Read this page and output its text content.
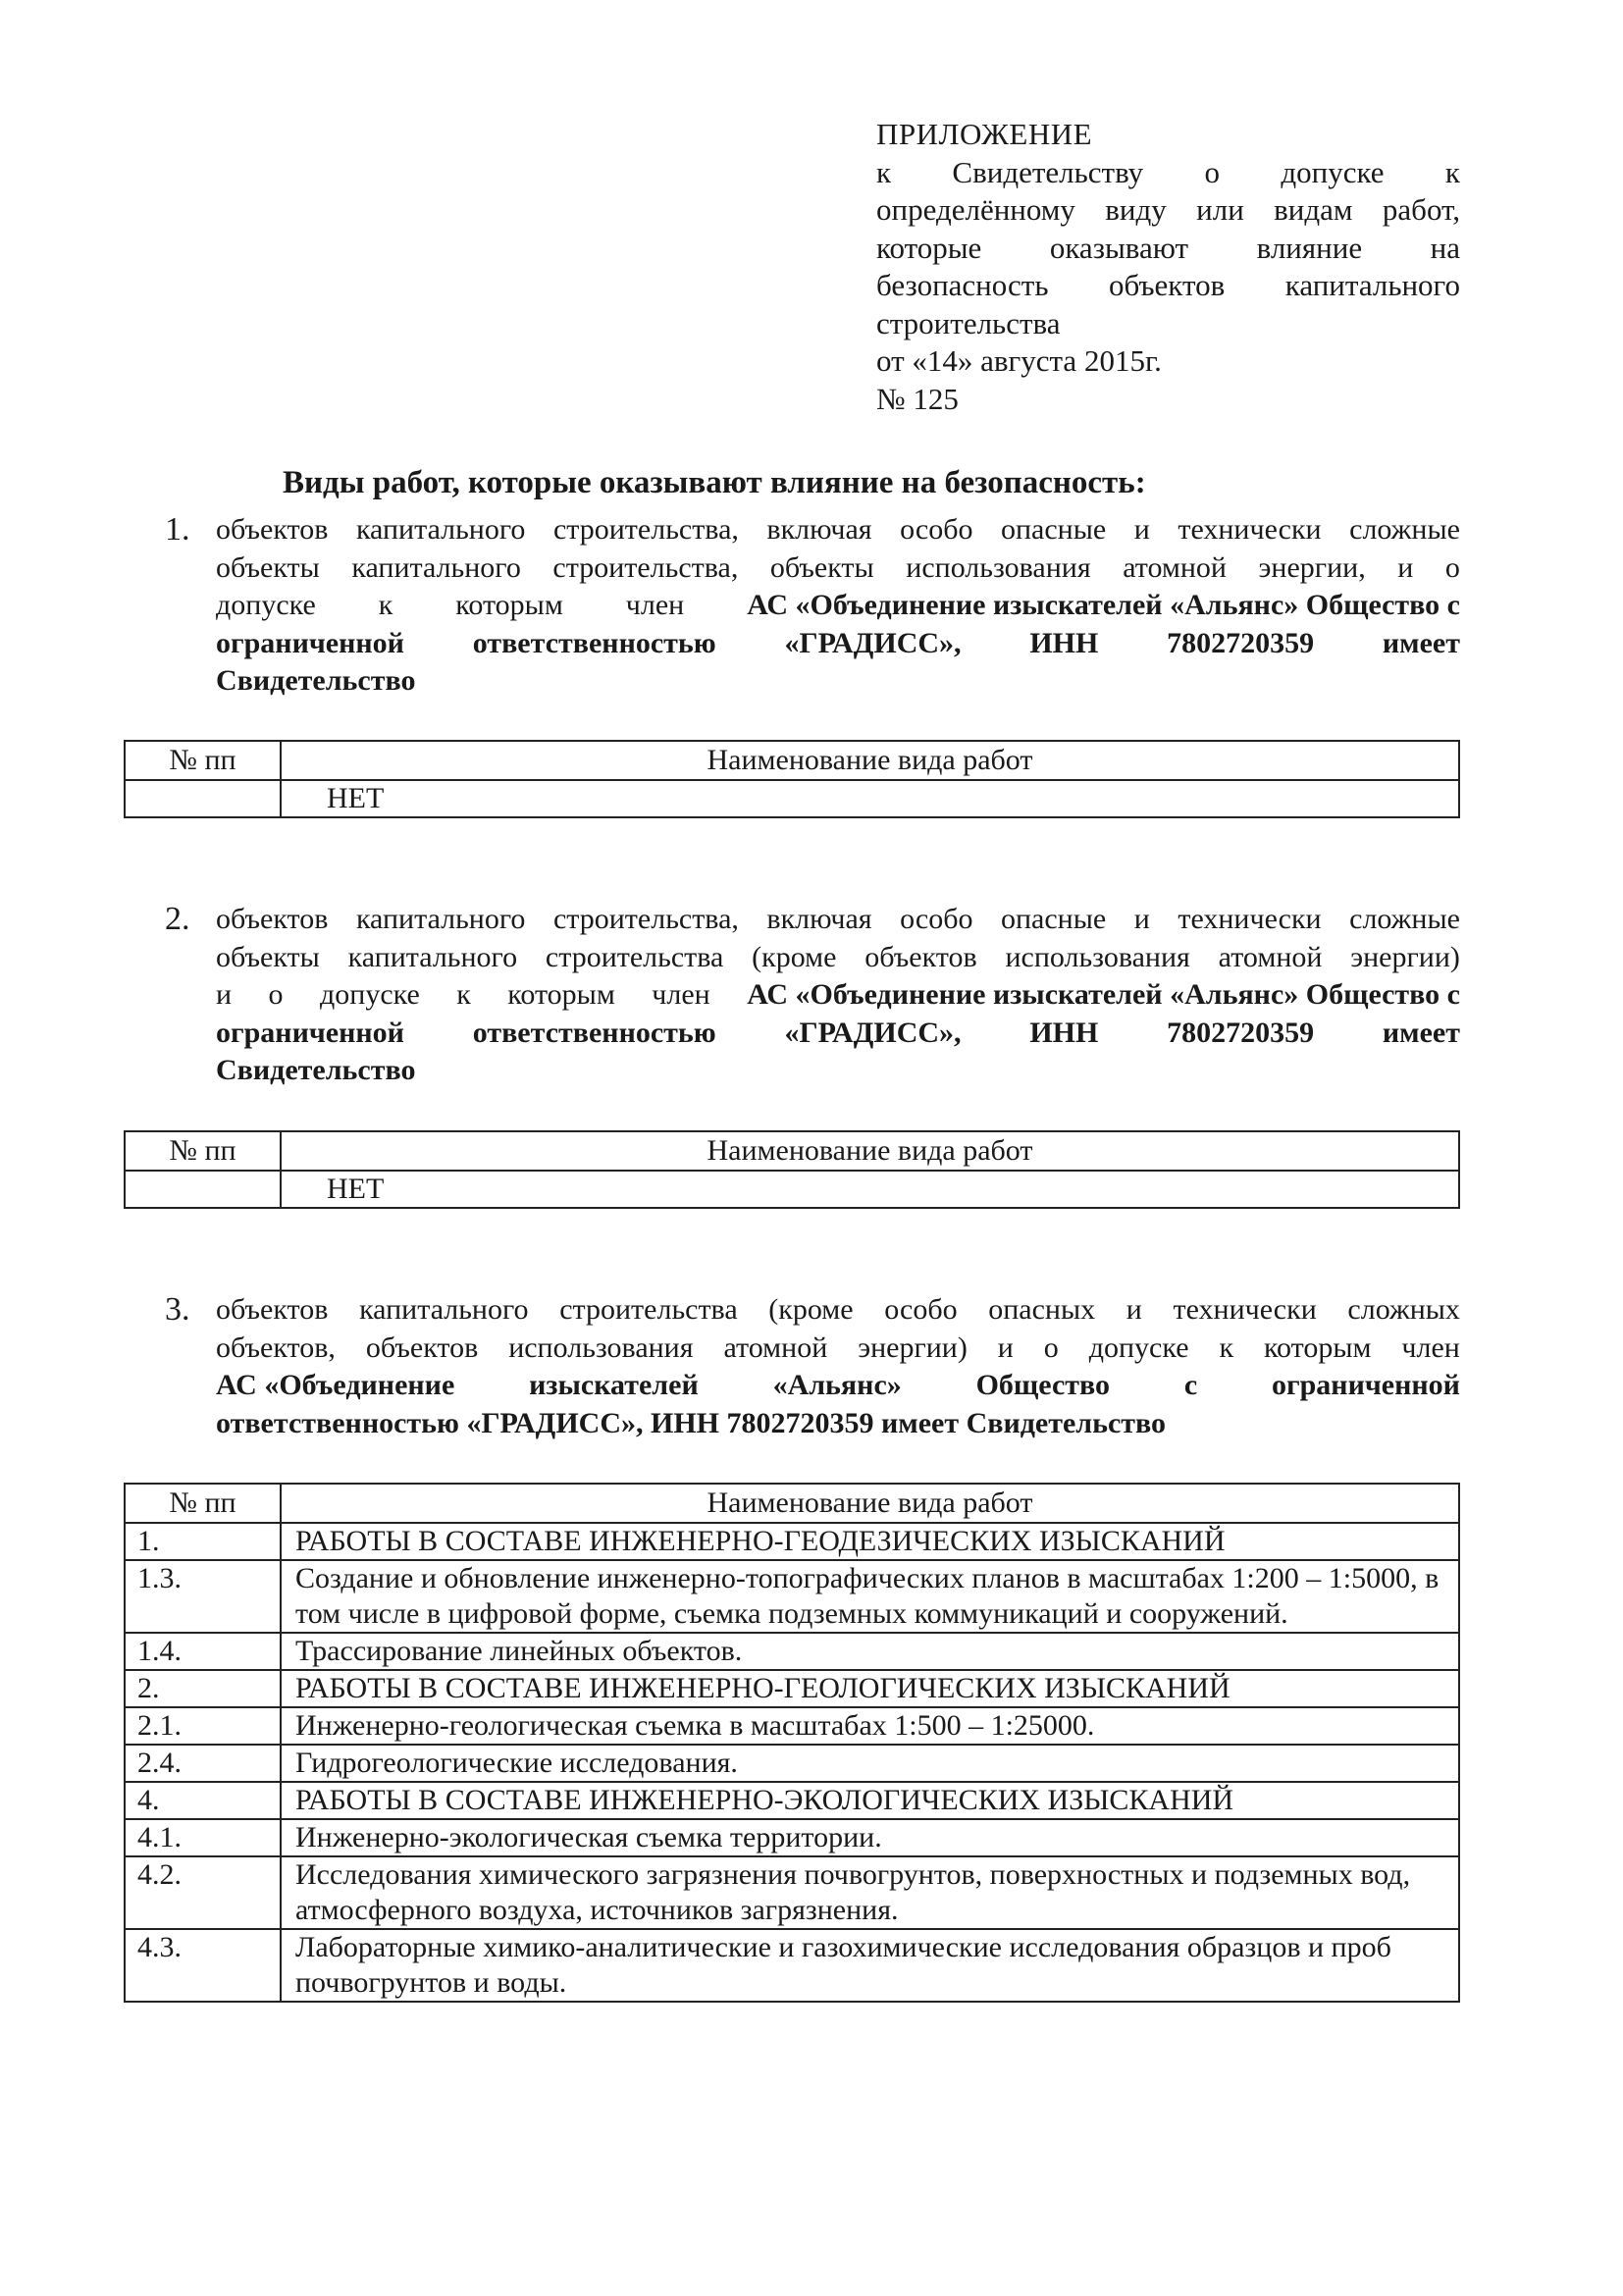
ПРИЛОЖЕНИЕ
к Свидетельству о допуске к
определённому виду или видам работ,
которые оказывают влияние на
безопасность объектов капитального
строительства
от «14» августа 2015г.
№ 125
Виды работ, которые оказывают влияние на безопасность:
1. объектов капитального строительства, включая особо опасные и технически сложные
объекты капитального строительства, объекты использования атомной энергии, и о
допуске к которым член АС «Объединение изыскателей «Альянс» Общество с
ограниченной ответственностью «ГРАДИСС», ИНН 7802720359 имеет
Свидетельство
№ пп	Наименование вида работ
	НЕТ
2. объектов капитального строительства, включая особо опасные и технически сложные
объекты капитального строительства (кроме объектов использования атомной энергии)
и о допуске к которым член АС «Объединение изыскателей «Альянс» Общество с
ограниченной ответственностью «ГРАДИСС», ИНН 7802720359 имеет
Свидетельство
№ пп	Наименование вида работ
	НЕТ
3. объектов капитального строительства (кроме особо опасных и технически сложных
объектов, объектов использования атомной энергии) и о допуске к которым член
АС «Объединение	изыскателей	«Альянс»	Общество	с	ограниченной
ответственностью «ГРАДИСС», ИНН 7802720359 имеет Свидетельство
№ пп	Наименование вида работ
1.	РАБОТЫ В СОСТАВЕ ИНЖЕНЕРНО-ГЕОДЕЗИЧЕСКИХ ИЗЫСКАНИЙ
1.3.	Создание и обновление инженерно-топографических планов в масштабах 1:200 – 1:5000, в том числе в цифровой форме, съемка подземных коммуникаций и сооружений.
1.4.	Трассирование линейных объектов.
2.	РАБОТЫ В СОСТАВЕ ИНЖЕНЕРНО-ГЕОЛОГИЧЕСКИХ ИЗЫСКАНИЙ
2.1.	Инженерно-геологическая съемка в масштабах 1:500 – 1:25000.
2.4.	Гидрогеологические исследования.
4.	РАБОТЫ В СОСТАВЕ ИНЖЕНЕРНО-ЭКОЛОГИЧЕСКИХ ИЗЫСКАНИЙ
4.1.	Инженерно-экологическая съемка территории.
4.2.	Исследования химического загрязнения почвогрунтов, поверхностных и подземных вод, атмосферного воздуха, источников загрязнения.
4.3.	Лабораторные химико-аналитические и газохимические исследования образцов и проб почвогрунтов и воды.
